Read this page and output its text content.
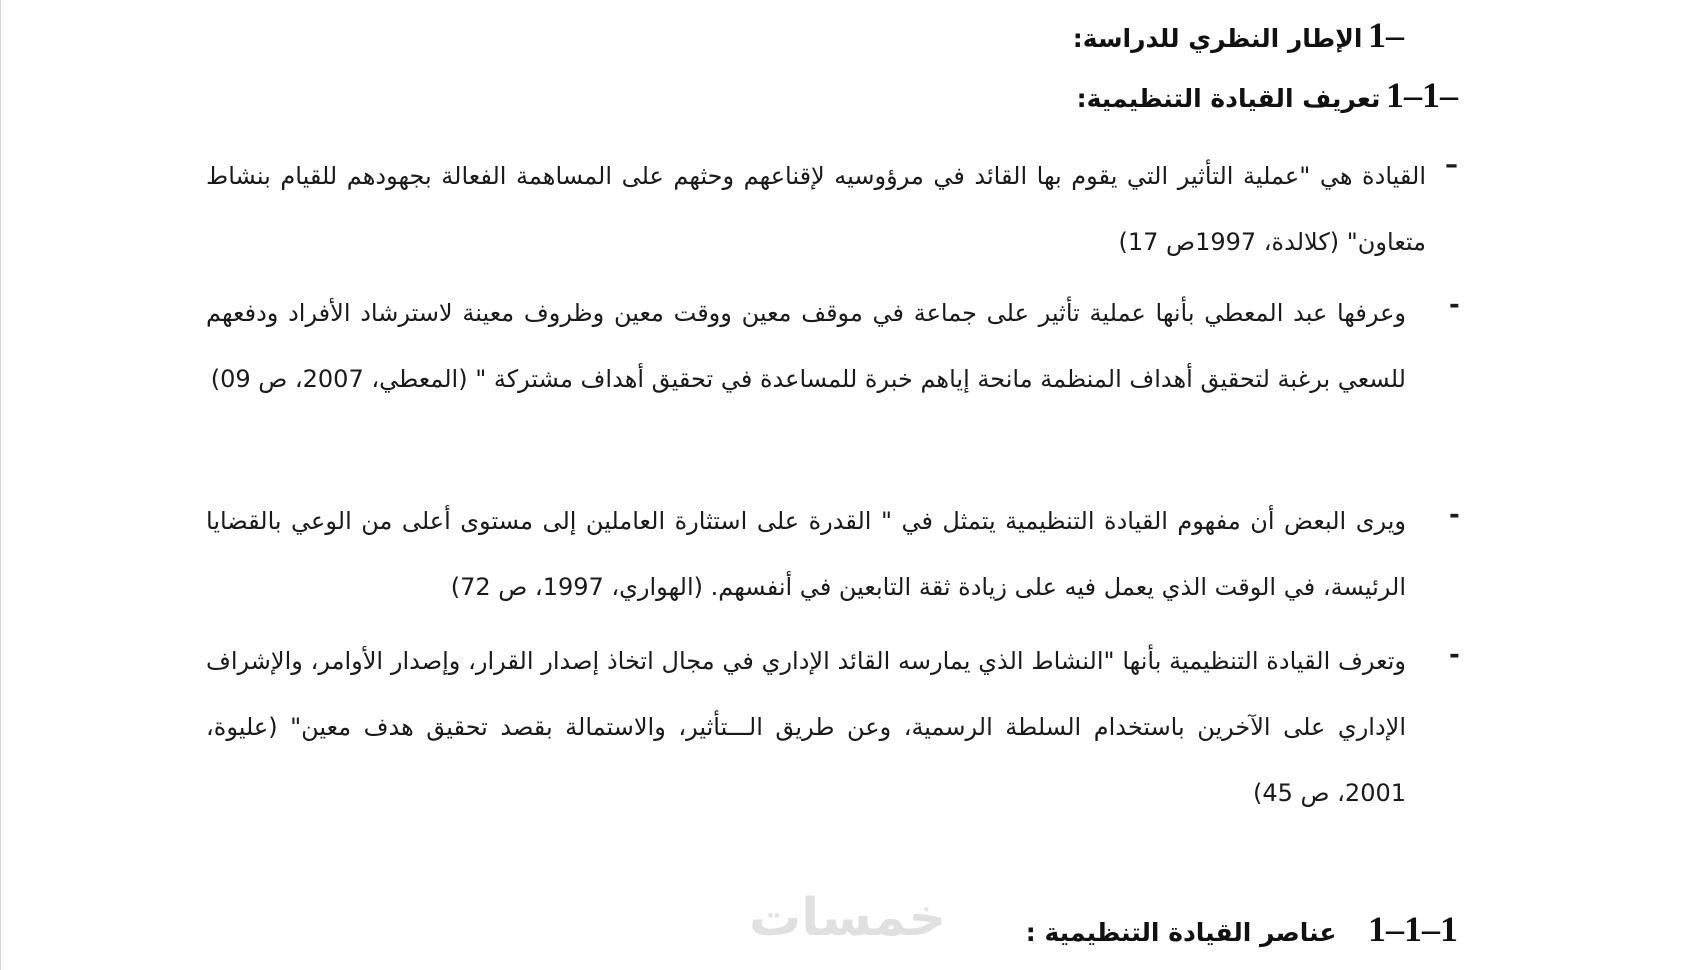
1– الإطار النظري للدراسة:
1–1– تعريف القيادة التنظيمية:
–
القيادة هي "عملية التأثير التي يقوم بها القائد في مرؤوسيه لإقناعهم وحثهم على المساهمة الفعالة بجهودهم للقيام بنشاط متعاون" (كلالدة، 1997ص 17)
-
وعرفها عبد المعطي بأنها عملية تأثير على جماعة في موقف معين ووقت معين وظروف معينة لاسترشاد الأفراد ودفعهم للسعي برغبة لتحقيق أهداف المنظمة مانحة إياهم خبرة للمساعدة في تحقيق أهداف مشتركة " (المعطي، 2007، ص 09)
-
ويرى البعض أن مفهوم القيادة التنظيمية يتمثل في " القدرة على استثارة العاملين إلى مستوى أعلى من الوعي بالقضايا الرئيسة، في الوقت الذي يعمل فيه على زيادة ثقة التابعين في أنفسهم. (الهواري، 1997، ص 72)
-
وتعرف القيادة التنظيمية بأنها "النشاط الذي يمارسه القائد الإداري في مجال اتخاذ إصدار القرار، وإصدار الأوامر، والإشراف الإداري على الآخرين باستخدام السلطة الرسمية، وعن طريق الـــتأثير، والاستمالة بقصد تحقيق هدف معين" (عليوة، 2001، ص 45)
1–1–1 عناصر القيادة التنظيمية :
خمسات
